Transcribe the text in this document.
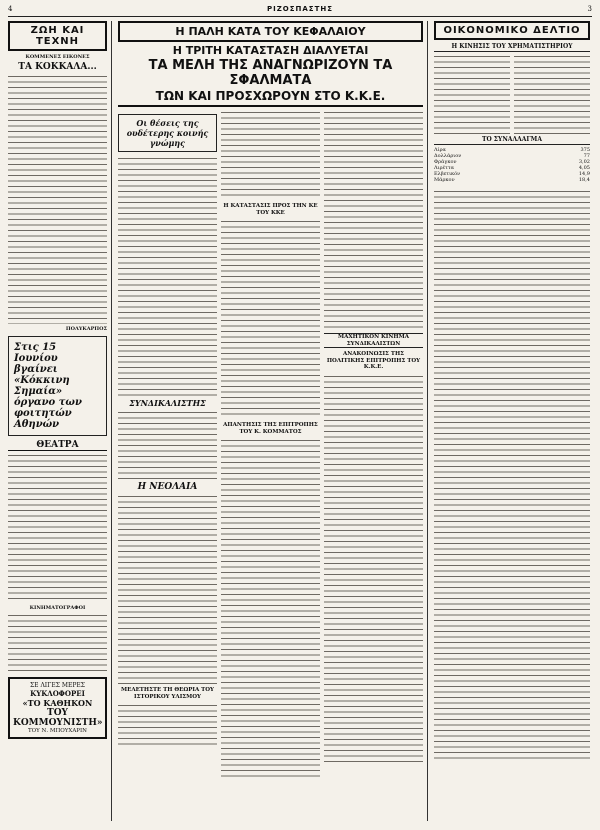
4	ΡΙΖΟΣΠΑΣΤΗΣ	3
ΖΩΗ ΚΑΙ ΤΕΧΝΗ
ΚΟΜΜΕΝΕΣ ΕΙΚΟΝΕΣ
ΤΑ ΚΟΚΚΑΛΑ...
ΠΟΛΥΚΑΡΠΟΣ
Στις 15 Ιουνίου βγαίνει «Κόκκινη Σημαία» όργανο των φοιτητών Αθηνών
ΘΕΑΤΡΑ
ΚΙΝΗΜΑΤΟΓΡΑΦΟΙ
ΣΕ ΛΙΓΕΣ ΜΕΡΕΣ
ΚΥΚΛΟΦΟΡΕΙ
«ΤΟ ΚΑΘΗΚΟΝ
ΤΟΥ ΚΟΜΜΟΥΝΙΣΤΗ»
ΤΟΥ Ν. ΜΠΟΥΧΑΡΙΝ
Η ΠΑΛΗ ΚΑΤΑ ΤΟΥ ΚΕΦΑΛΑΙΟΥ
Η ΤΡΙΤΗ ΚΑΤΑΣΤΑΣΗ ΔΙΑΛΥΕΤΑΙ
ΤΑ ΜΕΛΗ ΤΗΣ ΑΝΑΓΝΩΡΙΖΟΥΝ ΤΑ ΣΦΑΛΜΑΤΑ
ΤΩΝ ΚΑΙ ΠΡΟΣΧΩΡΟΥΝ ΣΤΟ Κ.Κ.Ε.
Οι θέσεις της ουδέτερης κοινής γνώμης
ΣΥΝΔΙΚΑΛΙΣΤΗΣ
Η ΝΕΟΛΑΙΑ
ΜΕΛΕΤΗΣΤΕ ΤΗ ΘΕΩΡΙΑ ΤΟΥ ΙΣΤΟΡΙΚΟΥ ΥΛΙΣΜΟΥ
Η ΚΑΤΑΣΤΑΣΙΣ ΠΡΟΣ ΤΗΝ ΚΕ ΤΟΥ ΚΚΕ
ΑΠΑΝΤΗΣΙΣ ΤΗΣ ΕΠΙΤΡΟΠΗΣ ΤΟΥ Κ. ΚΟΜΜΑΤΟΣ
ΜΑΧΗΤΙΚΟΝ ΚΙΝΗΜΑ ΣΥΝΔΙΚΑΛΙΣΤΩΝ
ΑΝΑΚΟΙΝΩΣΙΣ ΤΗΣ ΠΟΛΙΤΙΚΗΣ ΕΠΙΤΡΟΠΗΣ ΤΟΥ Κ.Κ.Ε.
ΟΙΚΟΝΟΜΙΚΟ ΔΕΛΤΙΟ
Η ΚΙΝΗΣΙΣ ΤΟΥ ΧΡΗΜΑΤΙΣΤΗΡΙΟΥ
ΤΟ ΣΥΝΑΛΛΑΓΜΑ
Λίρα	375
Δολλάριον	77
Φράγκον	3,02
Λιρέττα	4,05
Ελβετικόν	14,9
Μάρκον	18,4
